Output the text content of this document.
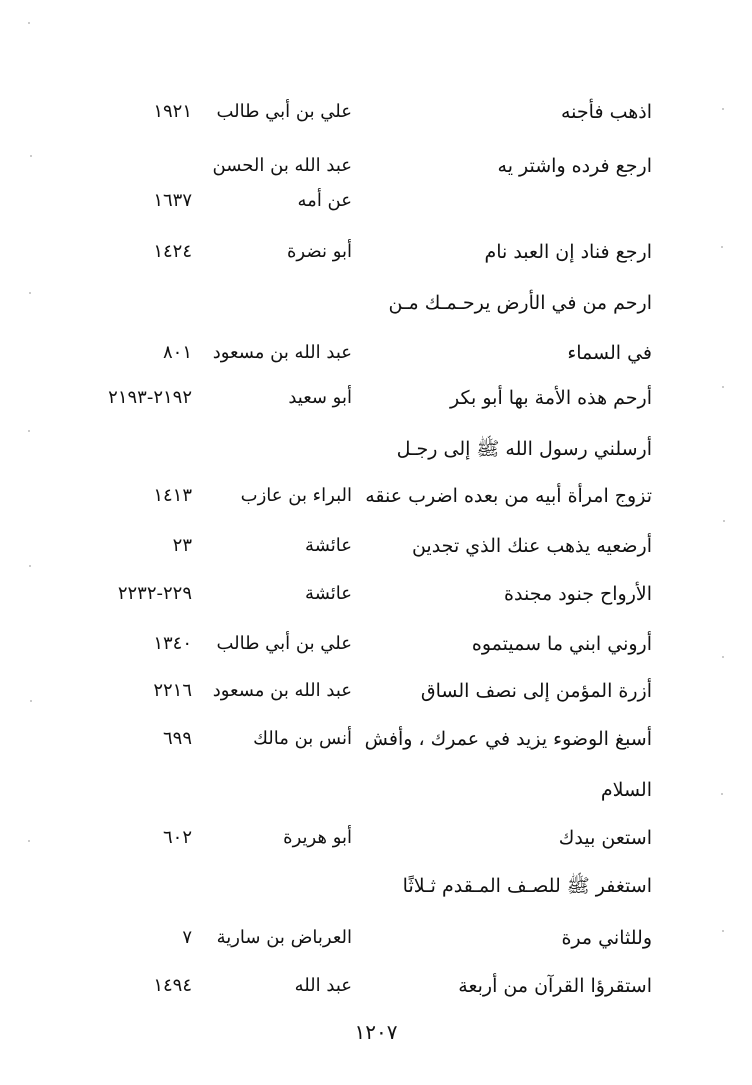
اذهب فأجنه
علي بن أبي طالب
١٩٢١
ارجع فرده واشتر يه
عبد الله بن الحسن
عن أمه
١٦٣٧
ارجع فناد إن العبد نام
أبو نضرة
١٤٢٤
ارحم من في الأرض يرحـمـك مـن
في السماء
عبد الله بن مسعود
٨٠١
أرحم هذه الأمة بها أبو بكر
أبو سعيد
٢١٩٢-٢١٩٣
أرسلني رسول الله ﷺ إلى رجـل
تزوج امرأة أبيه من بعده اضرب عنقه
البراء بن عازب
١٤١٣
أرضعيه يذهب عنك الذي تجدين
عائشة
٢٣
الأرواح جنود مجندة
عائشة
٢٢٩-٢٢٣٢
أروني ابني ما سميتموه
علي بن أبي طالب
١٣٤٠
أزرة المؤمن إلى نصف الساق
عبد الله بن مسعود
٢٢١٦
أسبغ الوضوء يزيد في عمرك ، وأفش
أنس بن مالك
٦٩٩
السلام
استعن بيدك
أبو هريرة
٦٠٢
استغفر ﷺ للصـف المـقدم ثـلاثًا
وللثاني مرة
العرباض بن سارية
٧
استقرؤا القرآن من أربعة
عبد الله
١٤٩٤
١٢٠٧
